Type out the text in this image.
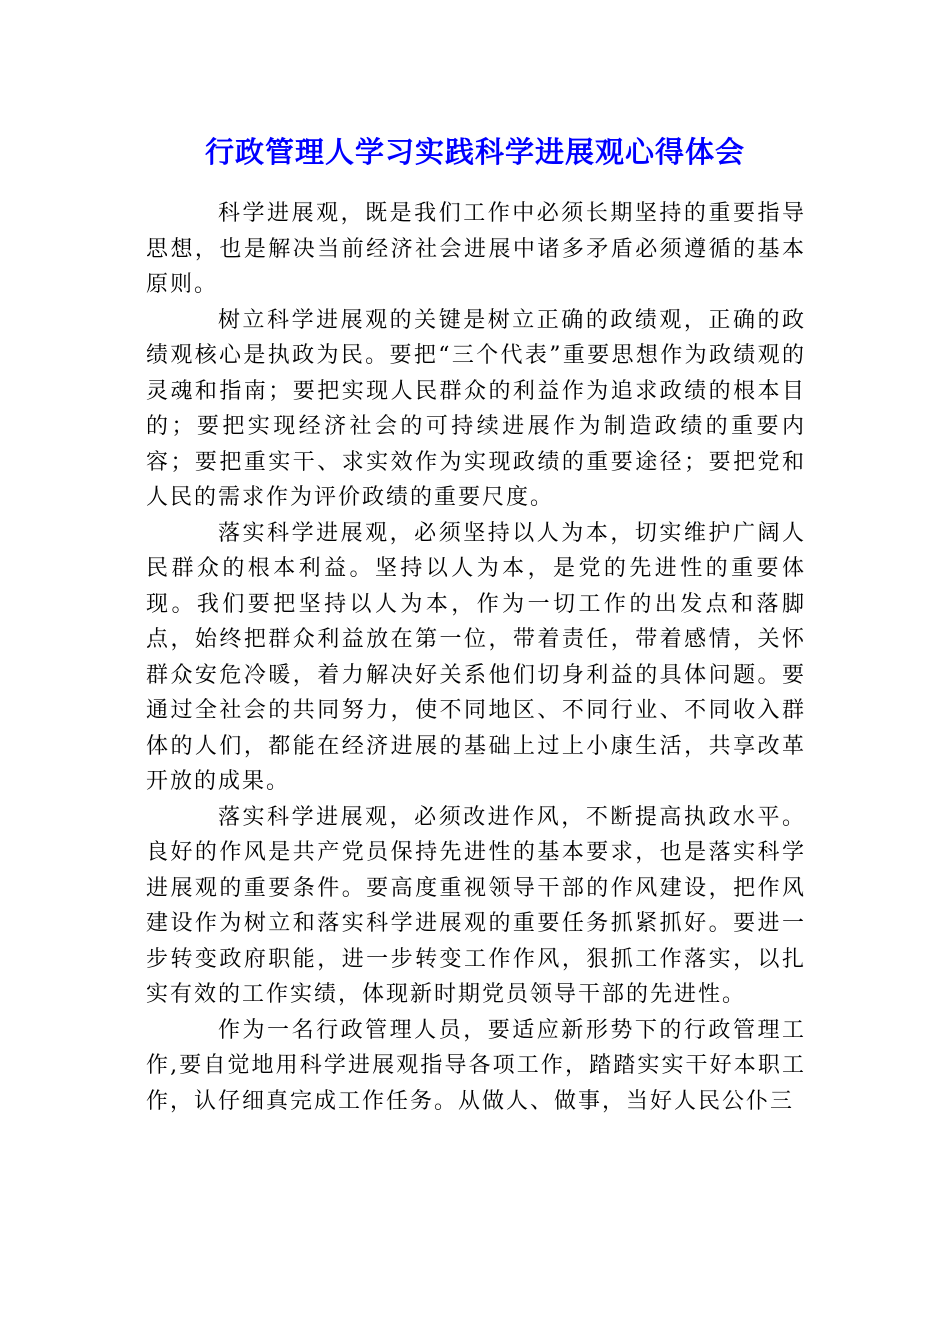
行政管理人学习实践科学进展观心得体会

科学进展观，既是我们工作中必须长期坚持的重要指导思想，也是解决当前经济社会进展中诸多矛盾必须遵循的基本原则。

树立科学进展观的关键是树立正确的政绩观，正确的政绩观核心是执政为民。要把“三个代表”重要思想作为政绩观的灵魂和指南；要把实现人民群众的利益作为追求政绩的根本目的；要把实现经济社会的可持续进展作为制造政绩的重要内容；要把重实干、求实效作为实现政绩的重要途径；要把党和人民的需求作为评价政绩的重要尺度。

落实科学进展观，必须坚持以人为本，切实维护广阔人民群众的根本利益。坚持以人为本，是党的先进性的重要体现。我们要把坚持以人为本，作为一切工作的出发点和落脚点，始终把群众利益放在第一位，带着责任，带着感情，关怀群众安危冷暖，着力解决好关系他们切身利益的具体问题。要通过全社会的共同努力，使不同地区、不同行业、不同收入群体的人们，都能在经济进展的基础上过上小康生活，共享改革开放的成果。

落实科学进展观，必须改进作风，不断提高执政水平。良好的作风是共产党员保持先进性的基本要求，也是落实科学进展观的重要条件。要高度重视领导干部的作风建设，把作风建设作为树立和落实科学进展观的重要任务抓紧抓好。要进一步转变政府职能，进一步转变工作作风，狠抓工作落实，以扎实有效的工作实绩，体现新时期党员领导干部的先进性。

作为一名行政管理人员，要适应新形势下的行政管理工作,要自觉地用科学进展观指导各项工作，踏踏实实干好本职工作，认仔细真完成工作任务。从做人、做事，当好人民公仆三
